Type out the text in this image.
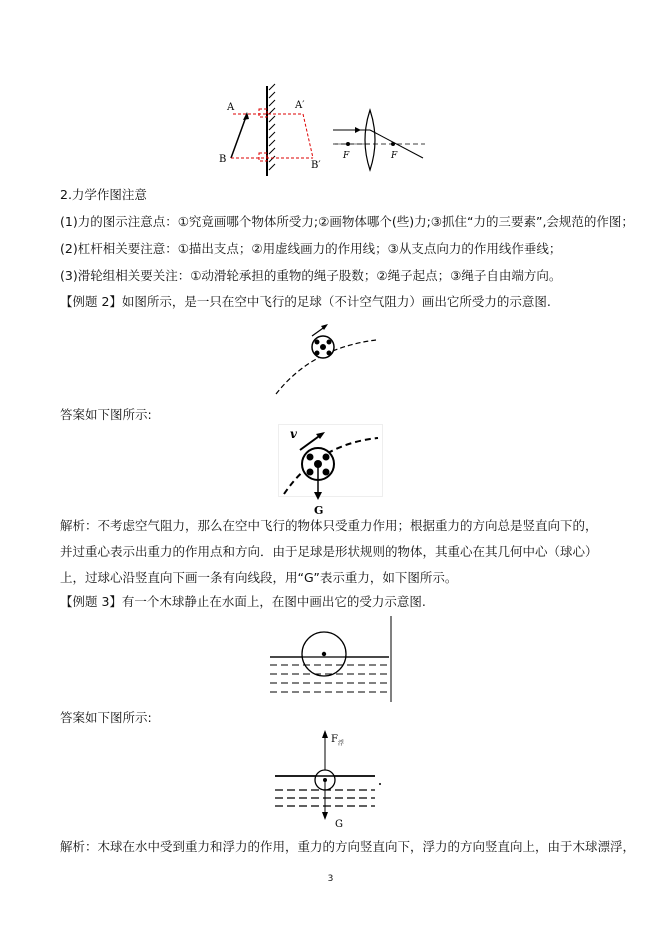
A	A′
B
B′
F	F
2.力学作图注意
(1)力的图示注意点：①究竟画哪个物体所受力;②画物体哪个(些)力;③抓住“力的三要素”,会规范的作图；
(2)杠杆相关要注意：①描出支点；②用虚线画力的作用线；③从支点向力的作用线作垂线；
(3)滑轮组相关要关注：①动滑轮承担的重物的绳子股数；②绳子起点；③绳子自由端方向。
【例题 2】如图所示，是一只在空中飞行的足球（不计空气阻力）画出它所受力的示意图.
答案如下图所示:
v
G
解析：不考虑空气阻力，那么在空中飞行的物体只受重力作用；根据重力的方向总是竖直向下的，并过重心表示出重力的作用点和方向．由于足球是形状规则的物体，其重心在其几何中心（球心）上，过球心沿竖直向下画一条有向线段，用“G”表示重力，如下图所示。
【例题 3】有一个木球静止在水面上，在图中画出它的受力示意图.
答案如下图所示:
F 浮
G
解析：木球在水中受到重力和浮力的作用，重力的方向竖直向下，浮力的方向竖直向上，由于木球漂浮，
3
